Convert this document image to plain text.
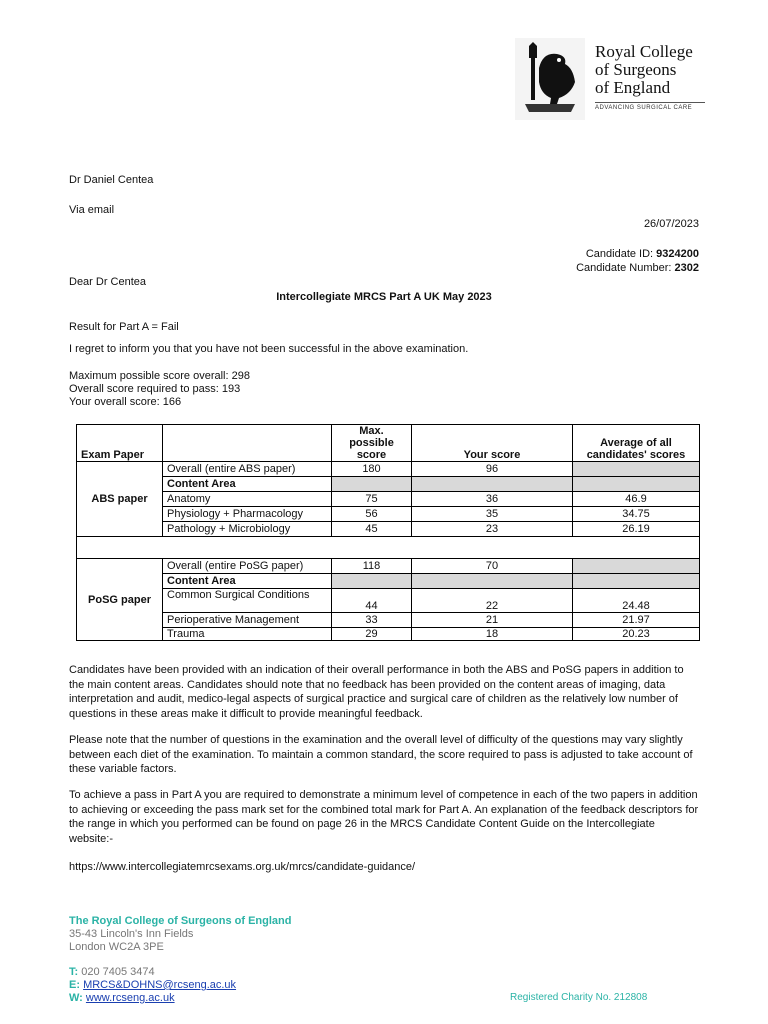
Royal College
of Surgeons
of England
ADVANCING SURGICAL CARE
Dr Daniel Centea
Via email
26/07/2023
Candidate ID: 9324200
Candidate Number: 2302
Dear Dr Centea
Intercollegiate MRCS Part A UK May 2023
Result for Part A = Fail
I regret to inform you that you have not been successful in the above examination.
Maximum possible score overall: 298
Overall score required to pass: 193
Your overall score: 166
Exam Paper		Max. possible score	Your score	Average of all candidates' scores
ABS paper	Overall (entire ABS paper)	180	96	
	Content Area			
	Anatomy	75	36	46.9
	Physiology + Pharmacology	56	35	34.75
	Pathology + Microbiology	45	23	26.19

PoSG paper	Overall (entire PoSG paper)	118	70	
	Content Area			
	Common Surgical Conditions	44	22	24.48
	Perioperative Management	33	21	21.97
	Trauma	29	18	20.23
Candidates have been provided with an indication of their overall performance in both the ABS and PoSG papers in addition to the main content areas. Candidates should note that no feedback has been provided on the content areas of imaging, data interpretation and audit, medico-legal aspects of surgical practice and surgical care of children as the relatively low number of questions in these areas make it difficult to provide meaningful feedback.
Please note that the number of questions in the examination and the overall level of difficulty of the questions may vary slightly between each diet of the examination. To maintain a common standard, the score required to pass is adjusted to take account of these variable factors.
To achieve a pass in Part A you are required to demonstrate a minimum level of competence in each of the two papers in addition to achieving or exceeding the pass mark set for the combined total mark for Part A. An explanation of the feedback descriptors for the range in which you performed can be found on page 26 in the MRCS Candidate Content Guide on the Intercollegiate website:-
https://www.intercollegiatemrcsexams.org.uk/mrcs/candidate-guidance/
The Royal College of Surgeons of England
35-43 Lincoln's Inn Fields
London WC2A 3PE
T: 020 7405 3474
E: MRCS&DOHNS@rcseng.ac.uk
W: www.rcseng.ac.uk	Registered Charity No. 212808
